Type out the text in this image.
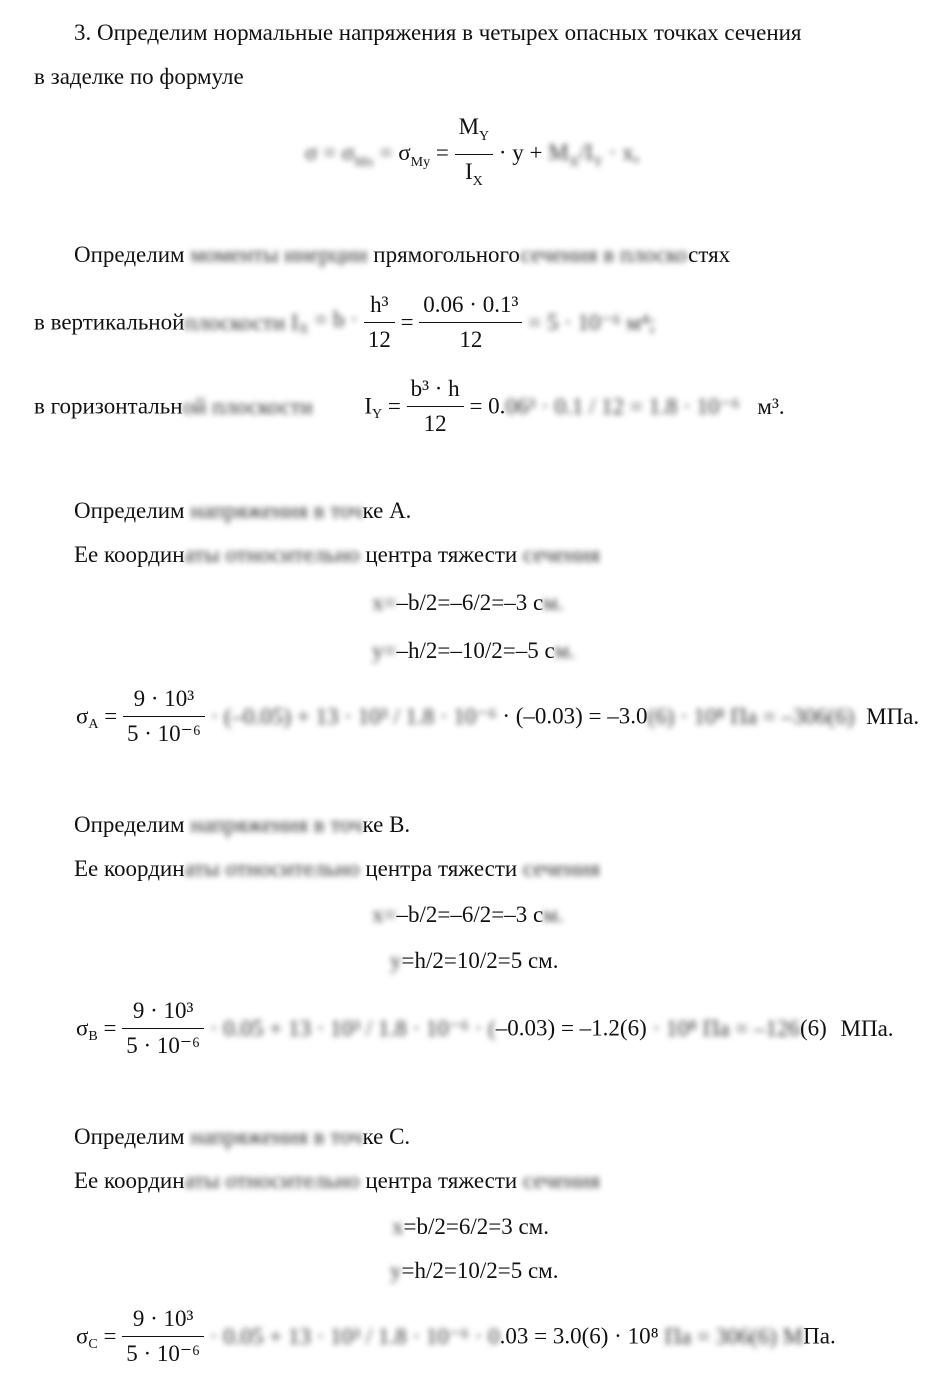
3. Определим нормальные напряжения в четырех опасных точках сечения
в заделке по формуле
$\sigma = \sigma_{Mx} = \sigma_{My} = \frac{M_Y}{I_X} \cdot y + M_X/I_Y \cdot x$,
Определим моменты инерции прямогольногосечения в плоскостях
в вертикальнойплоскости $I_X = b \cdot \frac{\text{h³}}{12} = \frac{\text{0.06 · 0.1³}}{12} = 5 \cdot 10^{-6}$ м⁴;
в горизонтальной плоскости $I_Y = \frac{\text{b³ · h}}{12} = 0.06^3 \cdot 0.1 / 12 = 1.8 \cdot 10^{-6}$ м³.
Определим напряжения в точке А.
Ее координаты относительно центра тяжести сечения
x=–b/2=–6/2=–3 см.
y=–h/2=–10/2=–5 см.
$\sigma_A = \frac{\text{9 · 10³}}{\text{5 · 10⁻⁶}} \cdot (-0.05) + 13 \cdot 10^3 / 1.8 \cdot 10^{-6} \cdot (-0.03) = -3.0(6) \cdot 10^8$ Па = –306(6) МПа.
Определим напряжения в точке В.
Ее координаты относительно центра тяжести сечения
x=–b/2=–6/2=–3 см.
y=h/2=10/2=5 см.
$\sigma_B = \frac{\text{9 · 10³}}{\text{5 · 10⁻⁶}} \cdot 0.05 + 13 \cdot 10^3 / 1.8 \cdot 10^{-6} \cdot (-0.03) = -1.2(6) \cdot 10^8$ Па = –126(6) МПа.
Определим напряжения в точке С.
Ее координаты относительно центра тяжести сечения
x=b/2=6/2=3 см.
y=h/2=10/2=5 см.
$\sigma_C = \frac{\text{9 · 10³}}{\text{5 · 10⁻⁶}} \cdot 0.05 + 13 \cdot 10^3 / 1.8 \cdot 10^{-6} \cdot 0.03 = 3.0(6) \cdot 10^8$ Па = 306(6) МПа.
